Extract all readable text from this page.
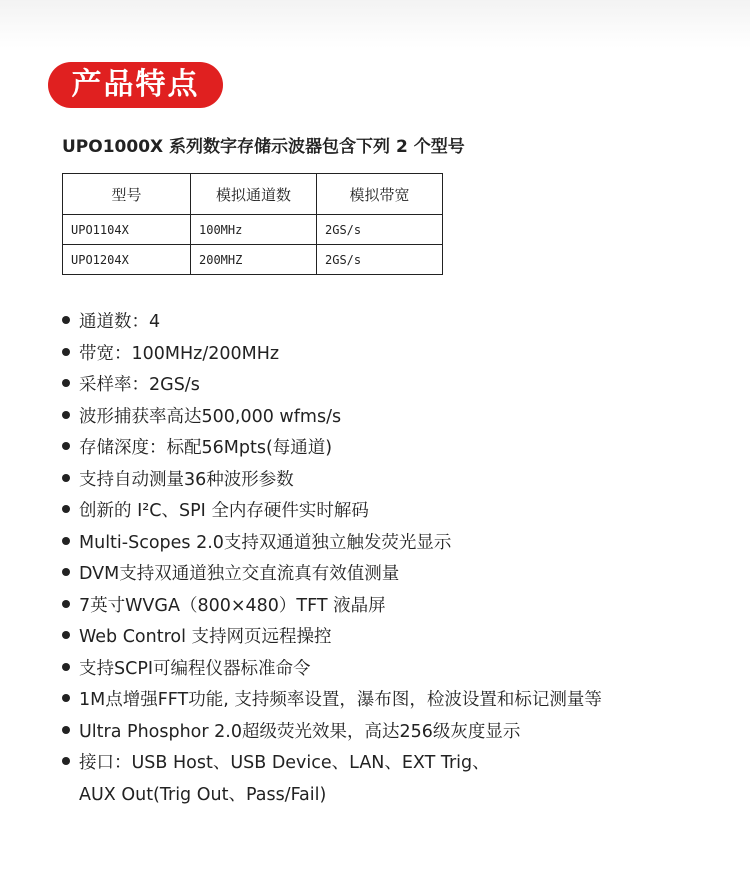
产品特点
UPO1000X 系列数字存储示波器包含下列 2 个型号
型号	模拟通道数	模拟带宽
UPO1104X	100MHz	2GS/s
UPO1204X	200MHZ	2GS/s
通道数：4
带宽：100MHz/200MHz
采样率：2GS/s
波形捕获率高达500,000 wfms/s
存储深度：标配56Mpts(每通道)
支持自动测量36种波形参数
创新的 I²C、SPI 全内存硬件实时解码
Multi-Scopes 2.0支持双通道独立触发荧光显示
DVM支持双通道独立交直流真有效值测量
7英寸WVGA（800×480）TFT 液晶屏
Web Control 支持网页远程操控
支持SCPI可编程仪器标准命令
1M点增强FFT功能, 支持频率设置，瀑布图，检波设置和标记测量等
Ultra Phosphor 2.0超级荧光效果，高达256级灰度显示
接口：USB Host、USB Device、LAN、EXT Trig、
AUX Out(Trig Out、Pass/Fail)
